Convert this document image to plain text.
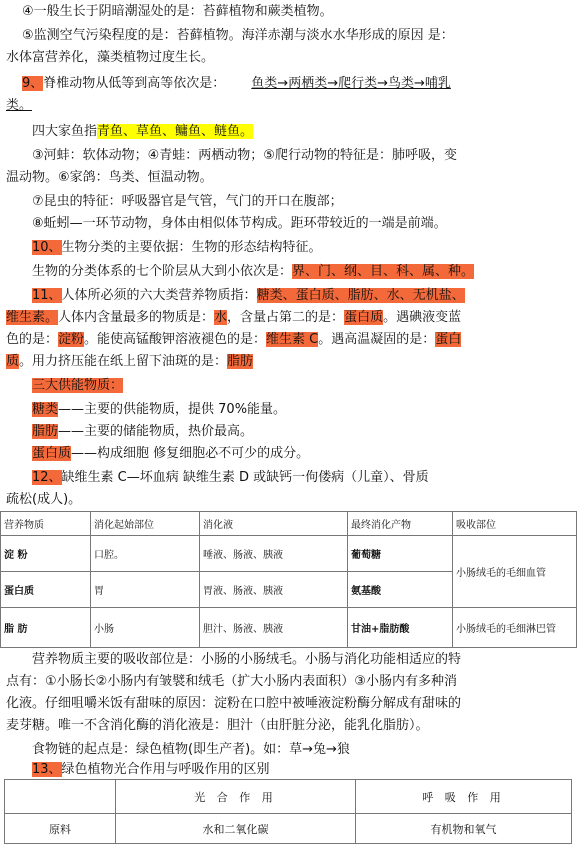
④一般生长于阴暗潮湿处的是：苔藓植物和蕨类植物。
⑤监测空气污染程度的是：苔藓植物。海洋赤潮与淡水水华形成的原因 是：
水体富营养化，藻类植物过度生长。
9、脊椎动物从低等到高等依次是： 鱼类→两栖类→爬行类→鸟类→哺乳
类。
四大家鱼指青鱼、草鱼、鳙鱼、鲢鱼。
③河蚌：软体动物；④青蛙：两栖动物；⑤爬行动物的特征是：肺呼吸，变
温动物。⑥家鸽：鸟类、恒温动物。
⑦昆虫的特征：呼吸器官是气管，气门的开口在腹部；
⑧蚯蚓—一环节动物，身体由相似体节构成。距环带较近的一端是前端。
10、生物分类的主要依据：生物的形态结构特征。
生物的分类体系的七个阶层从大到小依次是：界、门、纲、目、科、属、种。
11、人体所必须的六大类营养物质指：糖类、蛋白质、脂肪、水、无机盐、
维生素。人体内含量最多的物质是：水，含量占第二的是：蛋白质。遇碘液变蓝
色的是：淀粉。能使高锰酸钾溶液褪色的是：维生素 C。遇高温凝固的是：蛋白
质。用力挤压能在纸上留下油斑的是：脂肪
三大供能物质：
糖类——主要的供能物质，提供 70%能量。
脂肪——主要的储能物质，热价最高。
蛋白质——构成细胞 修复细胞必不可少的成分。
12、缺维生素 C—坏血病 缺维生素 D 或缺钙一佝偻病（儿童）、骨质
疏松(成人)。
营养物质	消化起始部位	消化液	最终消化产物	吸收部位
淀 粉	口腔。	唾液、肠液、胰液	葡萄糖	小肠绒毛的毛细血管
蛋白质	胃	胃液、肠液、胰液	氨基酸	
脂 肪	小肠	胆汁、肠液、胰液	甘油+脂肪酸	小肠绒毛的毛细淋巴管
营养物质主要的吸收部位是：小肠的小肠绒毛。小肠与消化功能相适应的特
点有：①小肠长②小肠内有皱襞和绒毛（扩大小肠内表面积）③小肠内有多种消
化液。仔细咀嚼米饭有甜味的原因：淀粉在口腔中被唾液淀粉酶分解成有甜味的
麦芽糖。唯一不含消化酶的消化液是：胆汁（由肝脏分泌，能乳化脂肪）。
食物链的起点是：绿色植物(即生产者)。如：草→兔→狼
13、绿色植物光合作用与呼吸作用的区别
	光 合 作 用	呼 吸 作 用
原料	水和二氧化碳	有机物和氧气
